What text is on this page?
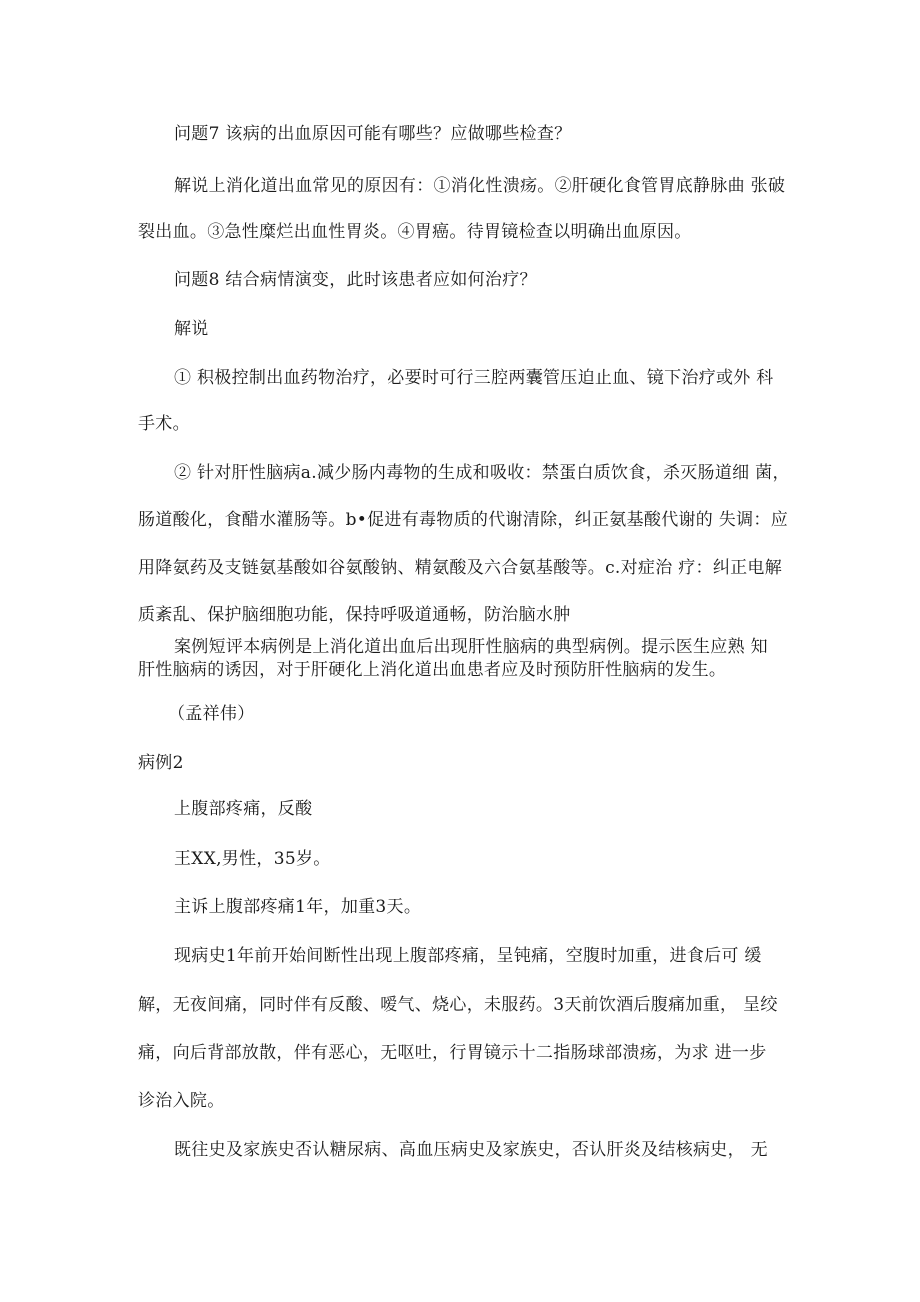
问题7 该病的出血原因可能有哪些？应做哪些检查？
解说上消化道出血常见的原因有：①消化性溃疡。②肝硬化食管胃底静脉曲 张破
裂出血。③急性糜烂出血性胃炎。④胃癌。待胃镜检查以明确出血原因。
问题8 结合病情演变，此时该患者应如何治疗？
解说
① 积极控制出血药物治疗，必要时可行三腔两囊管压迫止血、镜下治疗或外 科
手术。
② 针对肝性脑病a.减少肠内毒物的生成和吸收：禁蛋白质饮食，杀灭肠道细 菌，
肠道酸化，食醋水灌肠等。b•促进有毒物质的代谢清除，纠正氨基酸代谢的 失调：应
用降氨药及支链氨基酸如谷氨酸钠、精氨酸及六合氨基酸等。c.对症治 疗：纠正电解
质紊乱、保护脑细胞功能，保持呼吸道通畅，防治脑水肿
案例短评本病例是上消化道出血后出现肝性脑病的典型病例。提示医生应熟 知
肝性脑病的诱因，对于肝硬化上消化道出血患者应及时预防肝性脑病的发生。
（孟祥伟）
病例2
上腹部疼痛，反酸
王XX,男性，35岁。
主诉上腹部疼痛1年，加重3天。
现病史1年前开始间断性出现上腹部疼痛，呈钝痛，空腹时加重，进食后可 缓
解，无夜间痛，同时伴有反酸、嗳气、烧心，未服药。3天前饮酒后腹痛加重， 呈绞
痛，向后背部放散，伴有恶心，无呕吐，行胃镜示十二指肠球部溃疡，为求 进一步
诊治入院。
既往史及家族史否认糖尿病、高血压病史及家族史，否认肝炎及结核病史， 无
